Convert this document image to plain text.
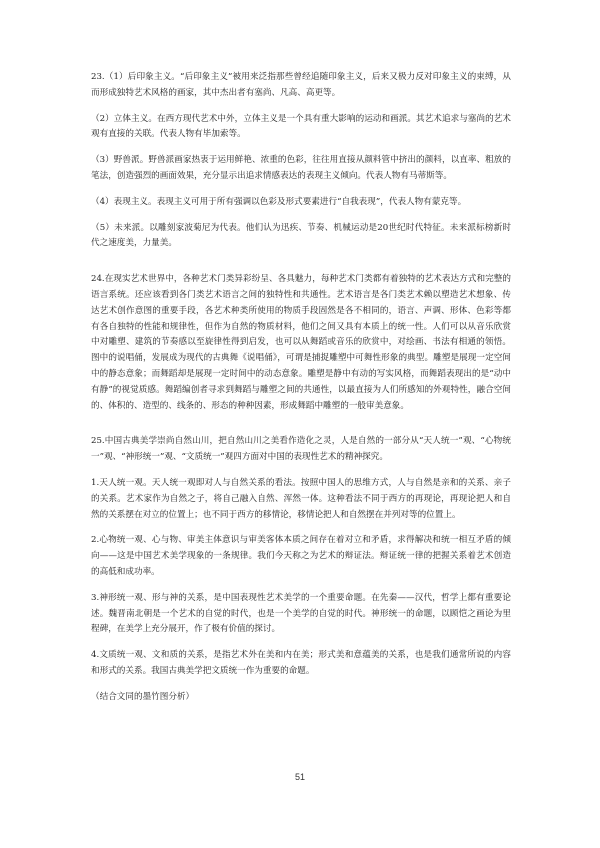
23.（1）后印象主义。“后印象主义”被用来泛指那些曾经追随印象主义，后来又极力反对印象主义的束缚，从而形成独特艺术风格的画家，其中杰出者有塞尚、凡高、高更等。

（2）立体主义。在西方现代艺术中外，立体主义是一个具有重大影响的运动和画派。其艺术追求与塞尚的艺术观有直接的关联。代表人物有毕加索等。

（3）野兽派。野兽派画家热衷于运用鲜艳、浓重的色彩，往往用直接从颜料管中挤出的颜料，以直率、粗放的笔法，创造强烈的画面效果，充分显示出追求情感表达的表现主义倾向。代表人物有马蒂斯等。

（4）表现主义。表现主义可用于所有强调以色彩及形式要素进行“自我表现”，代表人物有蒙克等。

（5）未来派。以雕刻家波菊尼为代表。他们认为迅疾、节奏、机械运动是20世纪时代特征。未来派标榜新时代之速度美，力量美。

24.在现实艺术世界中，各种艺术门类异彩纷呈、各具魅力，每种艺术门类都有着独特的艺术表达方式和完整的语言系统。还应该看到各门类艺术语言之间的独特性和共通性。艺术语言是各门类艺术赖以塑造艺术想象、传达艺术创作意图的重要手段，各艺术种类所使用的物质手段固然是各不相同的，语言、声调、形体、色彩等都有各自独特的性能和规律性，但作为自然的物质材料，他们之间又具有本质上的统一性。人们可以从音乐欣赏中对雕塑、建筑的节奏感以至旋律性得到启发，也可以从舞蹈或音乐的欣赏中，对绘画、书法有相通的领悟。图中的说唱俑，发展成为现代的古典舞《说唱俑》，可谓是捕捉雕塑中可舞性形象的典型。雕塑是展现一定空间中的静态意象；而舞蹈却是展现一定时间中的动态意象。雕塑是静中有动的写实风格，而舞蹈表现出的是“动中有静”的视觉质感。舞蹈编创者寻求到舞蹈与雕塑之间的共通性，以最直接为人们所感知的外观特性，融合空间的、体积的、造型的、线条的、形态的种种因素，形成舞蹈中雕塑的一般审美意象。

25.中国古典美学崇尚自然山川，把自然山川之美看作造化之灵，人是自然的一部分从“天人统一”观、“心物统一”观、“神形统一”观、“文质统一”观四方面对中国的表现性艺术的精神探究。

1.天人统一观。天人统一观即对人与自然关系的看法。按照中国人的思维方式，人与自然是亲和的关系、亲子的关系。艺术家作为自然之子，将自己融入自然、浑然一体。这种看法不同于西方的再现论，再现论把人和自然的关系摆在对立的位置上；也不同于西方的移情论，移情论把人和自然摆在并列对等的位置上。

2.心物统一观、心与物、审美主体意识与审美客体本质之间存在着对立和矛盾，求得解决和统一相互矛盾的倾向——这是中国艺术美学现象的一条规律。我们今天称之为艺术的辩证法。辩证统一律的把握关系着艺术创造的高低和成功率。

3.神形统一观、形与神的关系，是中国表现性艺术美学的一个重要命题。在先秦——汉代，哲学上都有重要论述。魏晋南北朝是一个艺术的自觉的时代，也是一个美学的自觉的时代。神形统一的命题，以顾恺之画论为里程碑，在美学上充分展开，作了极有价值的探讨。

4.文质统一观、文和质的关系，是指艺术外在美和内在美；形式美和意蕴美的关系，也是我们通常所说的内容和形式的关系。我国古典美学把文质统一作为重要的命题。

（结合文同的墨竹图分析）

51
